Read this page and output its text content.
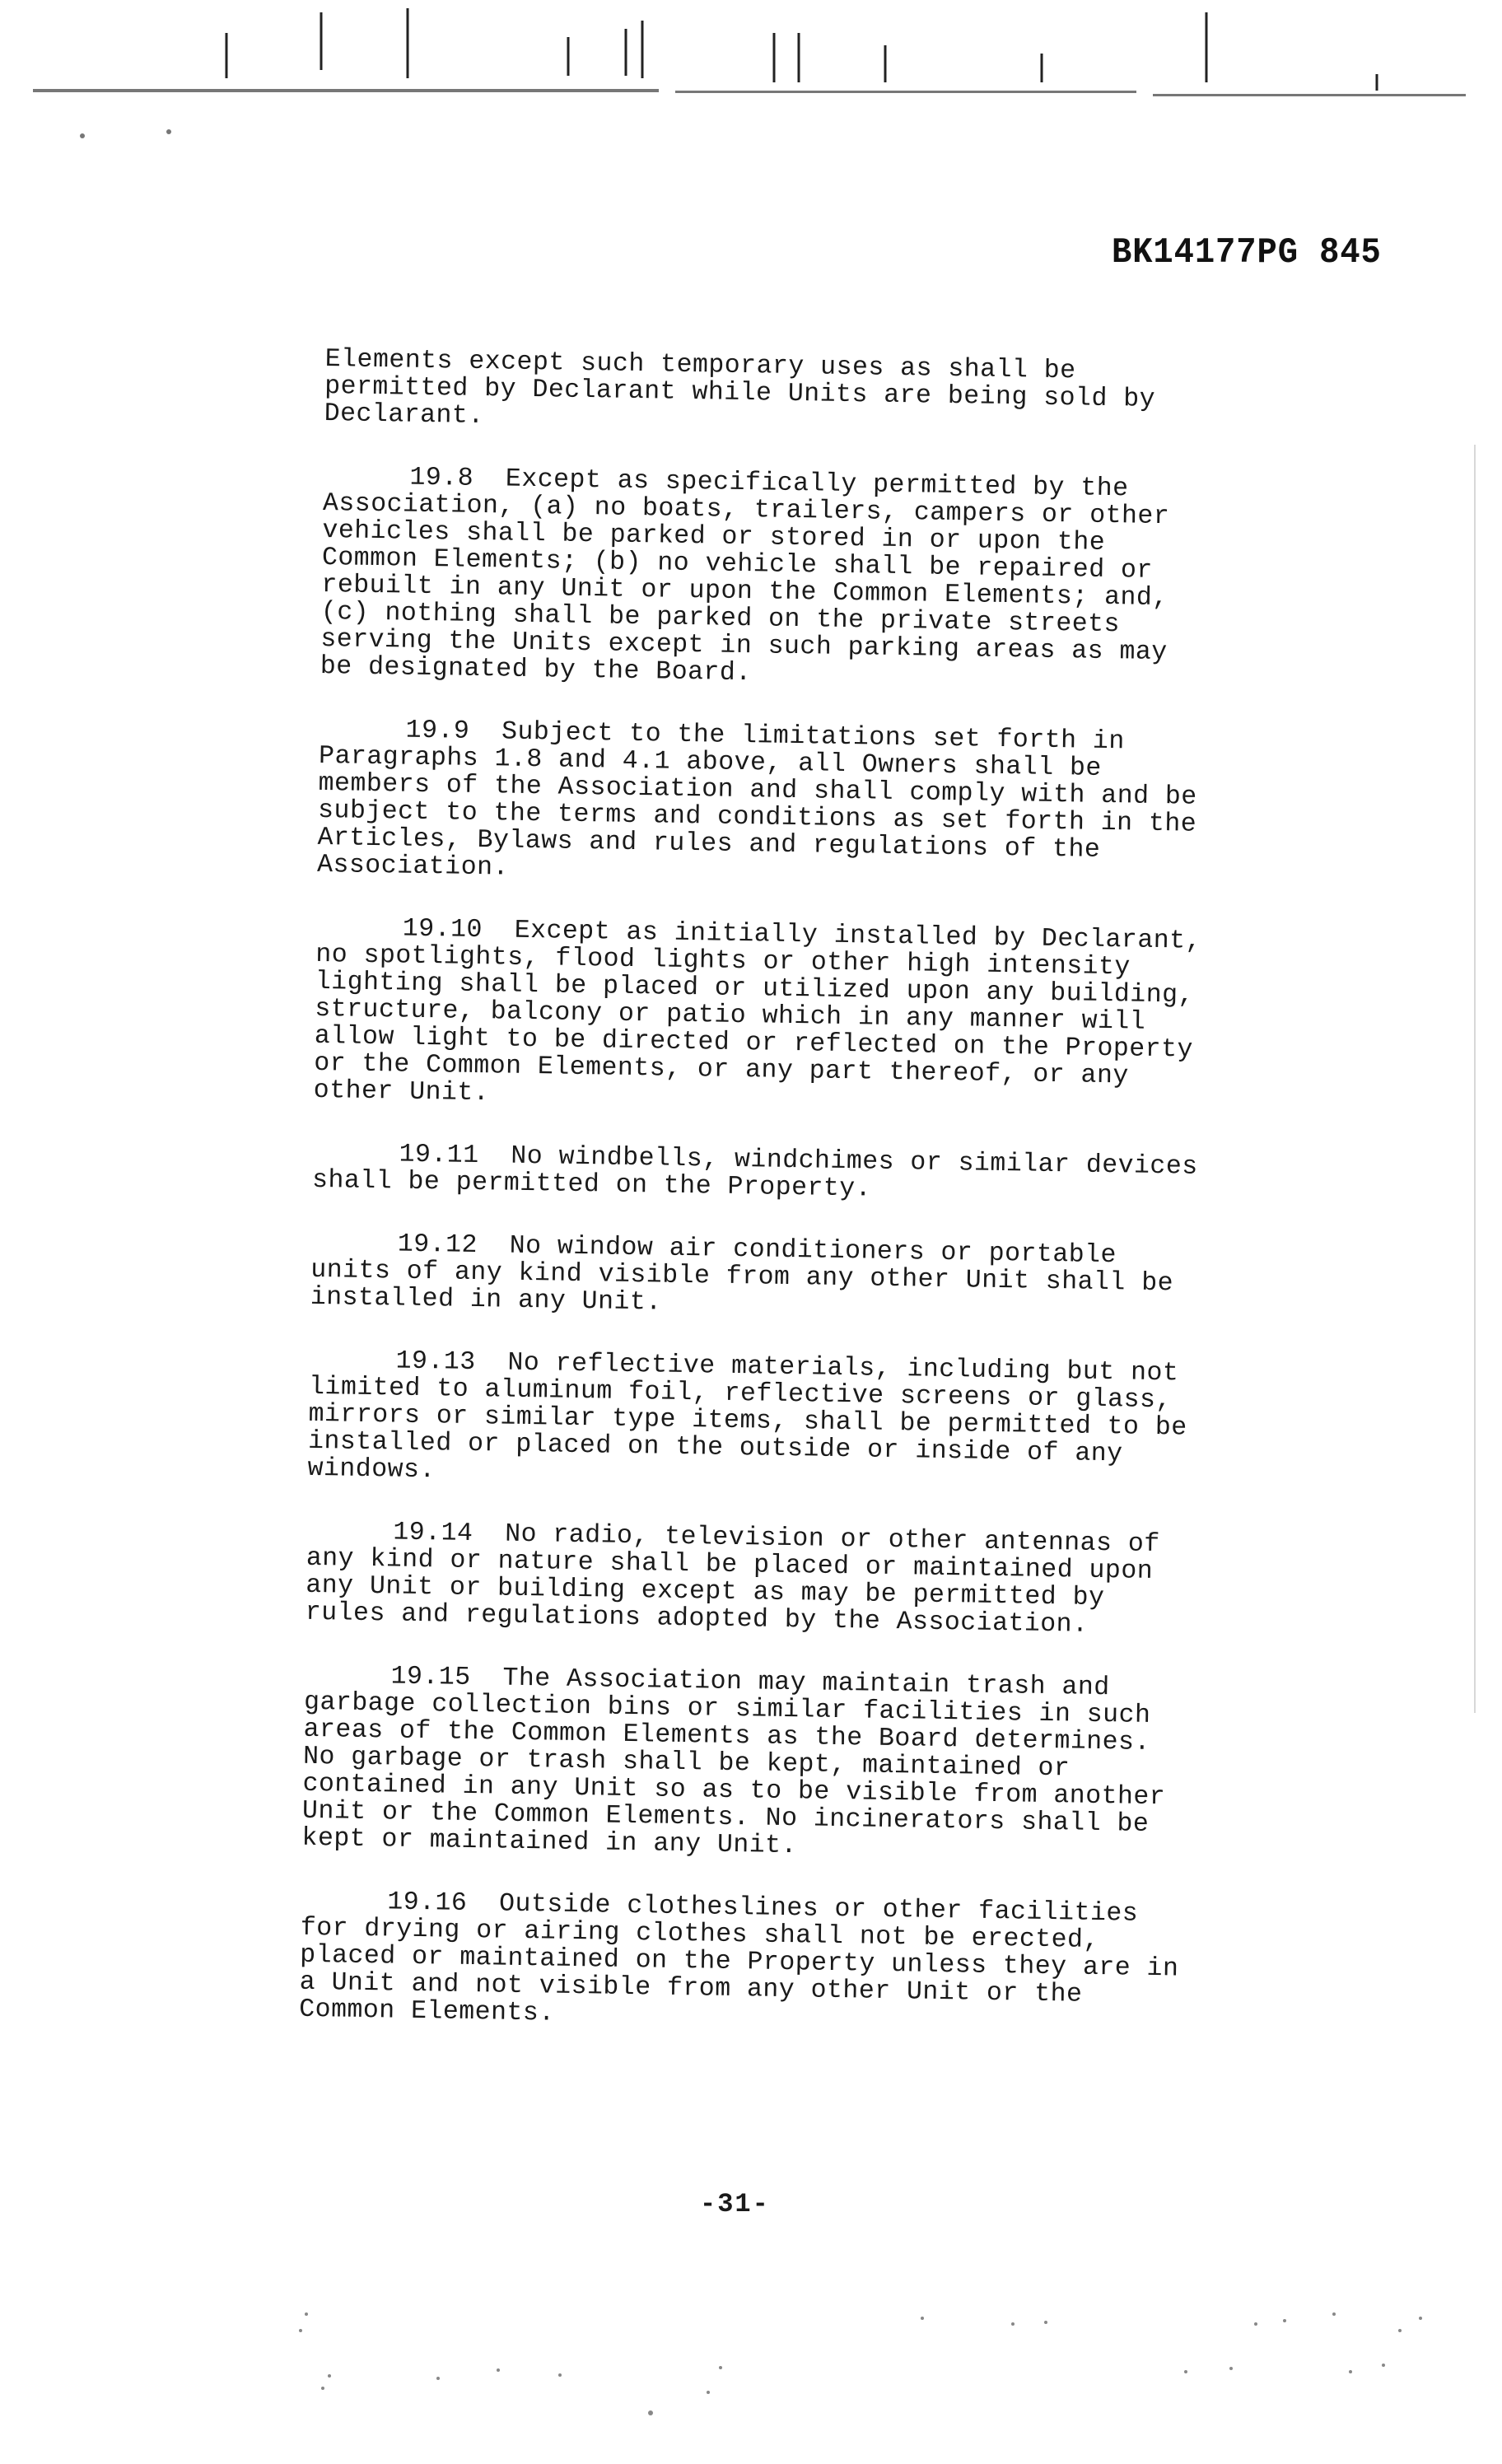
BK14177PG 845

Elements except such temporary uses as shall be permitted by Declarant while Units are being sold by Declarant.

19.8 Except as specifically permitted by the Association, (a) no boats, trailers, campers or other vehicles shall be parked or stored in or upon the Common Elements; (b) no vehicle shall be repaired or rebuilt in any Unit or upon the Common Elements; and, (c) nothing shall be parked on the private streets serving the Units except in such parking areas as may be designated by the Board.

19.9 Subject to the limitations set forth in Paragraphs 1.8 and 4.1 above, all Owners shall be members of the Association and shall comply with and be subject to the terms and conditions as set forth in the Articles, Bylaws and rules and regulations of the Association.

19.10 Except as initially installed by Declarant, no spotlights, flood lights or other high intensity lighting shall be placed or utilized upon any building, structure, balcony or patio which in any manner will allow light to be directed or reflected on the Property or the Common Elements, or any part thereof, or any other Unit.

19.11 No windbells, windchimes or similar devices shall be permitted on the Property.

19.12 No window air conditioners or portable units of any kind visible from any other Unit shall be installed in any Unit.

19.13 No reflective materials, including but not limited to aluminum foil, reflective screens or glass, mirrors or similar type items, shall be permitted to be installed or placed on the outside or inside of any windows.

19.14 No radio, television or other antennas of any kind or nature shall be placed or maintained upon any Unit or building except as may be permitted by rules and regulations adopted by the Association.

19.15 The Association may maintain trash and garbage collection bins or similar facilities in such areas of the Common Elements as the Board determines. No garbage or trash shall be kept, maintained or contained in any Unit so as to be visible from another Unit or the Common Elements. No incinerators shall be kept or maintained in any Unit.

19.16 Outside clotheslines or other facilities for drying or airing clothes shall not be erected, placed or maintained on the Property unless they are in a Unit and not visible from any other Unit or the Common Elements.

-31-
